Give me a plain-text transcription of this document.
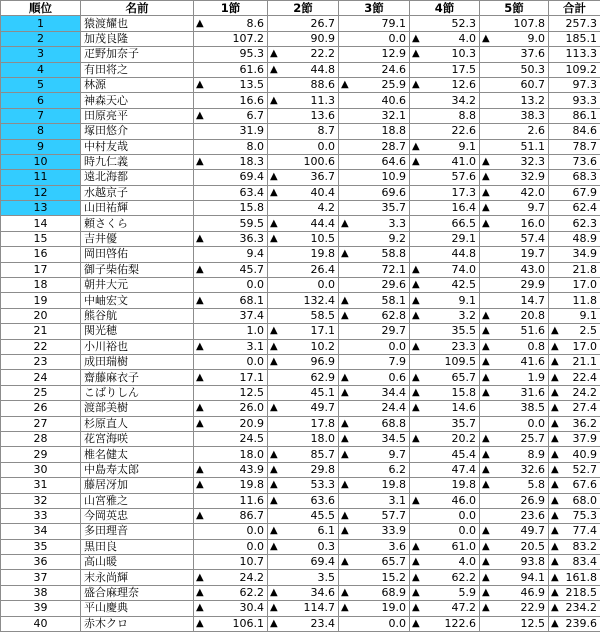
順位	名前	1節	2節	3節	4節	5節	合計
1	猿渡耀也	▲ 8.6	26.7	79.1	52.3	107.8	257.3
2	加茂良隆	107.2	90.9	0.0	▲ 4.0	▲ 9.0	185.1
3	疋野加奈子	95.3	▲ 22.2	12.9	▲ 10.3	37.6	113.3
4	有田将之	61.6	▲ 44.8	24.6	17.5	50.3	109.2
5	林源	▲ 13.5	88.6	▲ 25.9	▲ 12.6	60.7	97.3
6	神森天心	16.6	▲ 11.3	40.6	34.2	13.2	93.3
7	田原亮平	▲ 6.7	13.6	32.1	8.8	38.3	86.1
8	塚田悠介	31.9	8.7	18.8	22.6	2.6	84.6
9	中村友哉	8.0	0.0	28.7	▲ 9.1	51.1	78.7
10	時九仁義	▲ 18.3	100.6	64.6	▲ 41.0	▲ 32.3	73.6
11	遠北海都	69.4	▲ 36.7	10.9	57.6	▲ 32.9	68.3
12	水越京子	63.4	▲ 40.4	69.6	17.3	▲ 42.0	67.9
13	山田祐輝	15.8	4.2	35.7	16.4	▲ 9.7	62.4
14	頼さくら	59.5	▲ 44.4	▲ 3.3	66.5	▲ 16.0	62.3
15	吉井優	▲ 36.3	▲ 10.5	9.2	29.1	57.4	48.9
16	岡田啓佑	9.4	19.8	▲ 58.8	44.8	19.7	34.9
17	御子柴佑梨	▲ 45.7	26.4	72.1	▲ 74.0	43.0	21.8
18	朝井大元	0.0	0.0	29.6	▲ 42.5	29.9	17.0
19	中岫宏文	▲ 68.1	132.4	▲ 58.1	▲ 9.1	14.7	11.8
20	熊谷航	37.4	58.5	▲ 62.8	▲ 3.2	▲ 20.8	9.1
21	関光穂	1.0	▲ 17.1	29.7	35.5	▲ 51.6	▲ 2.5
22	小川裕也	▲ 3.1	▲ 10.2	0.0	▲ 23.3	▲ 0.8	▲ 17.0
23	成田瑞樹	0.0	▲ 96.9	7.9	109.5	▲ 41.6	▲ 21.1
24	齋藤麻衣子	▲ 17.1	62.9	▲ 0.6	▲ 65.7	▲ 1.9	▲ 22.4
25	こばりしん	12.5	45.1	▲ 34.4	▲ 15.8	▲ 31.6	▲ 24.2
26	渡部美樹	▲ 26.0	▲ 49.7	24.4	▲ 14.6	38.5	▲ 27.4
27	杉原直人	▲ 20.9	17.8	▲ 68.8	35.7	0.0	▲ 36.2
28	花宮海咲	24.5	18.0	▲ 34.5	▲ 20.2	▲ 25.7	▲ 37.9
29	椎名健太	18.0	▲ 85.7	▲ 9.7	45.4	▲ 8.9	▲ 40.9
30	中島寿太郎	▲ 43.9	▲ 29.8	6.2	47.4	▲ 32.6	▲ 52.7
31	藤居冴加	▲ 19.8	▲ 53.3	▲ 19.8	19.8	▲ 5.8	▲ 67.6
32	山宮雅之	11.6	▲ 63.6	3.1	▲ 46.0	26.9	▲ 68.0
33	今岡英忠	▲ 86.7	45.5	▲ 57.7	0.0	23.6	▲ 75.3
34	多田理音	0.0	▲ 6.1	▲ 33.9	0.0	▲ 49.7	▲ 77.4
35	黒田良	0.0	▲ 0.3	3.6	▲ 61.0	▲ 20.5	▲ 83.2
36	高山暖	10.7	69.4	▲ 65.7	▲ 4.0	▲ 93.8	▲ 83.4
37	末永尚輝	▲ 24.2	3.5	15.2	▲ 62.2	▲ 94.1	▲ 161.8
38	盛合麻理奈	▲ 62.2	▲ 34.6	▲ 68.9	▲ 5.9	▲ 46.9	▲ 218.5
39	平山慶典	▲ 30.4	▲ 114.7	▲ 19.0	▲ 47.2	▲ 22.9	▲ 234.2
40	赤木クロ	▲ 106.1	▲ 23.4	0.0	▲ 122.6	12.5	▲ 239.6
